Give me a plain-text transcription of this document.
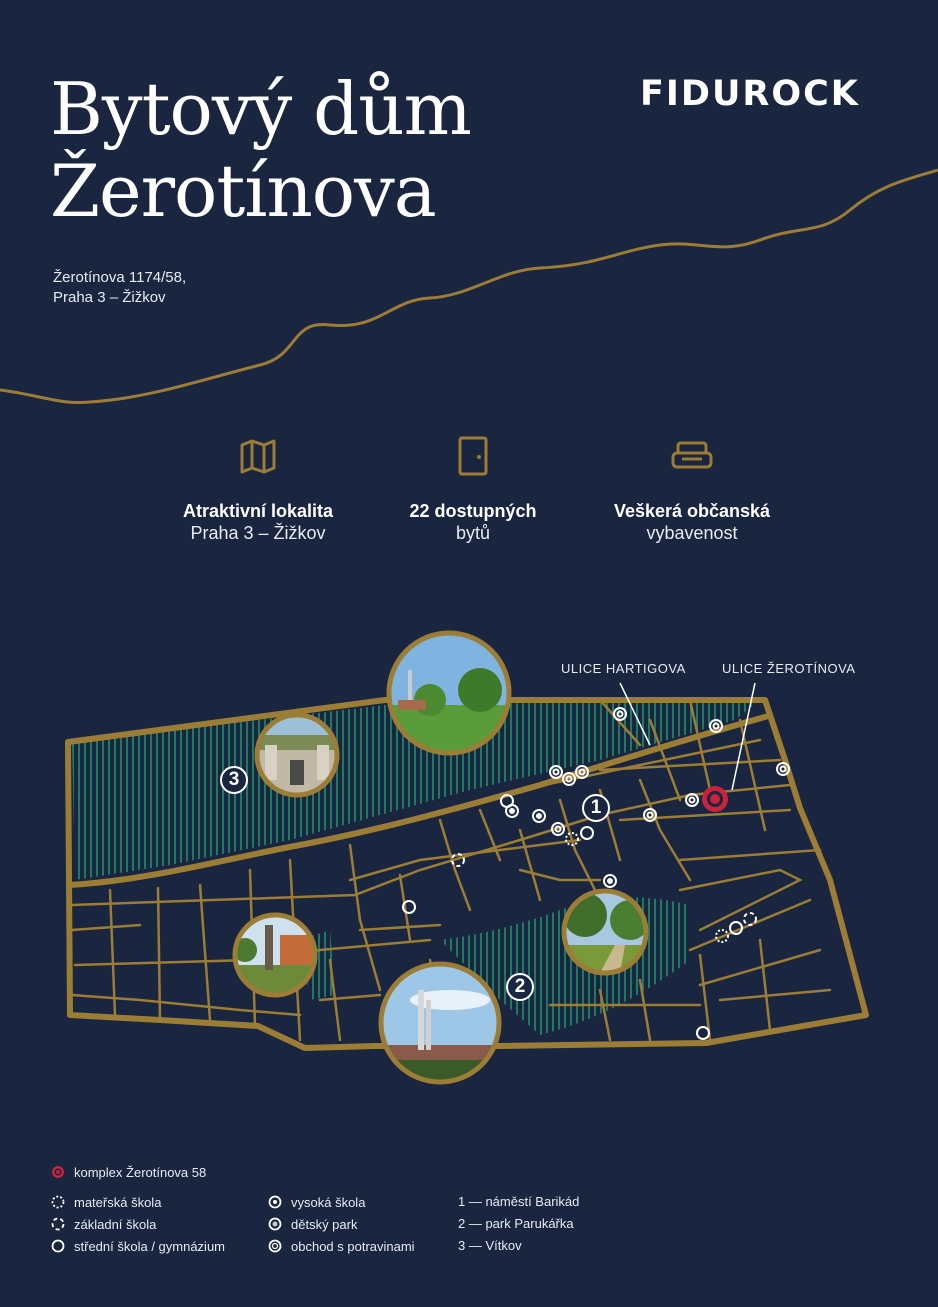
Bytový dům
Žerotínova
FIDUROCK
Žerotínova 1174/58,
Praha 3 – Žižkov
Atraktivní lokalita
Praha 3 – Žižkov
22 dostupných
bytů
Veškerá občanská
vybavenost
ULICE HARTIGOVA	ULICE ŽEROTÍNOVA
1
2
3
komplex Žerotínova 58
mateřská škola
základní škola
střední škola / gymnázium
vysoká škola
dětský park
obchod s potravinami
1 — náměstí Barikád
2 — park Parukářka
3 — Vítkov
